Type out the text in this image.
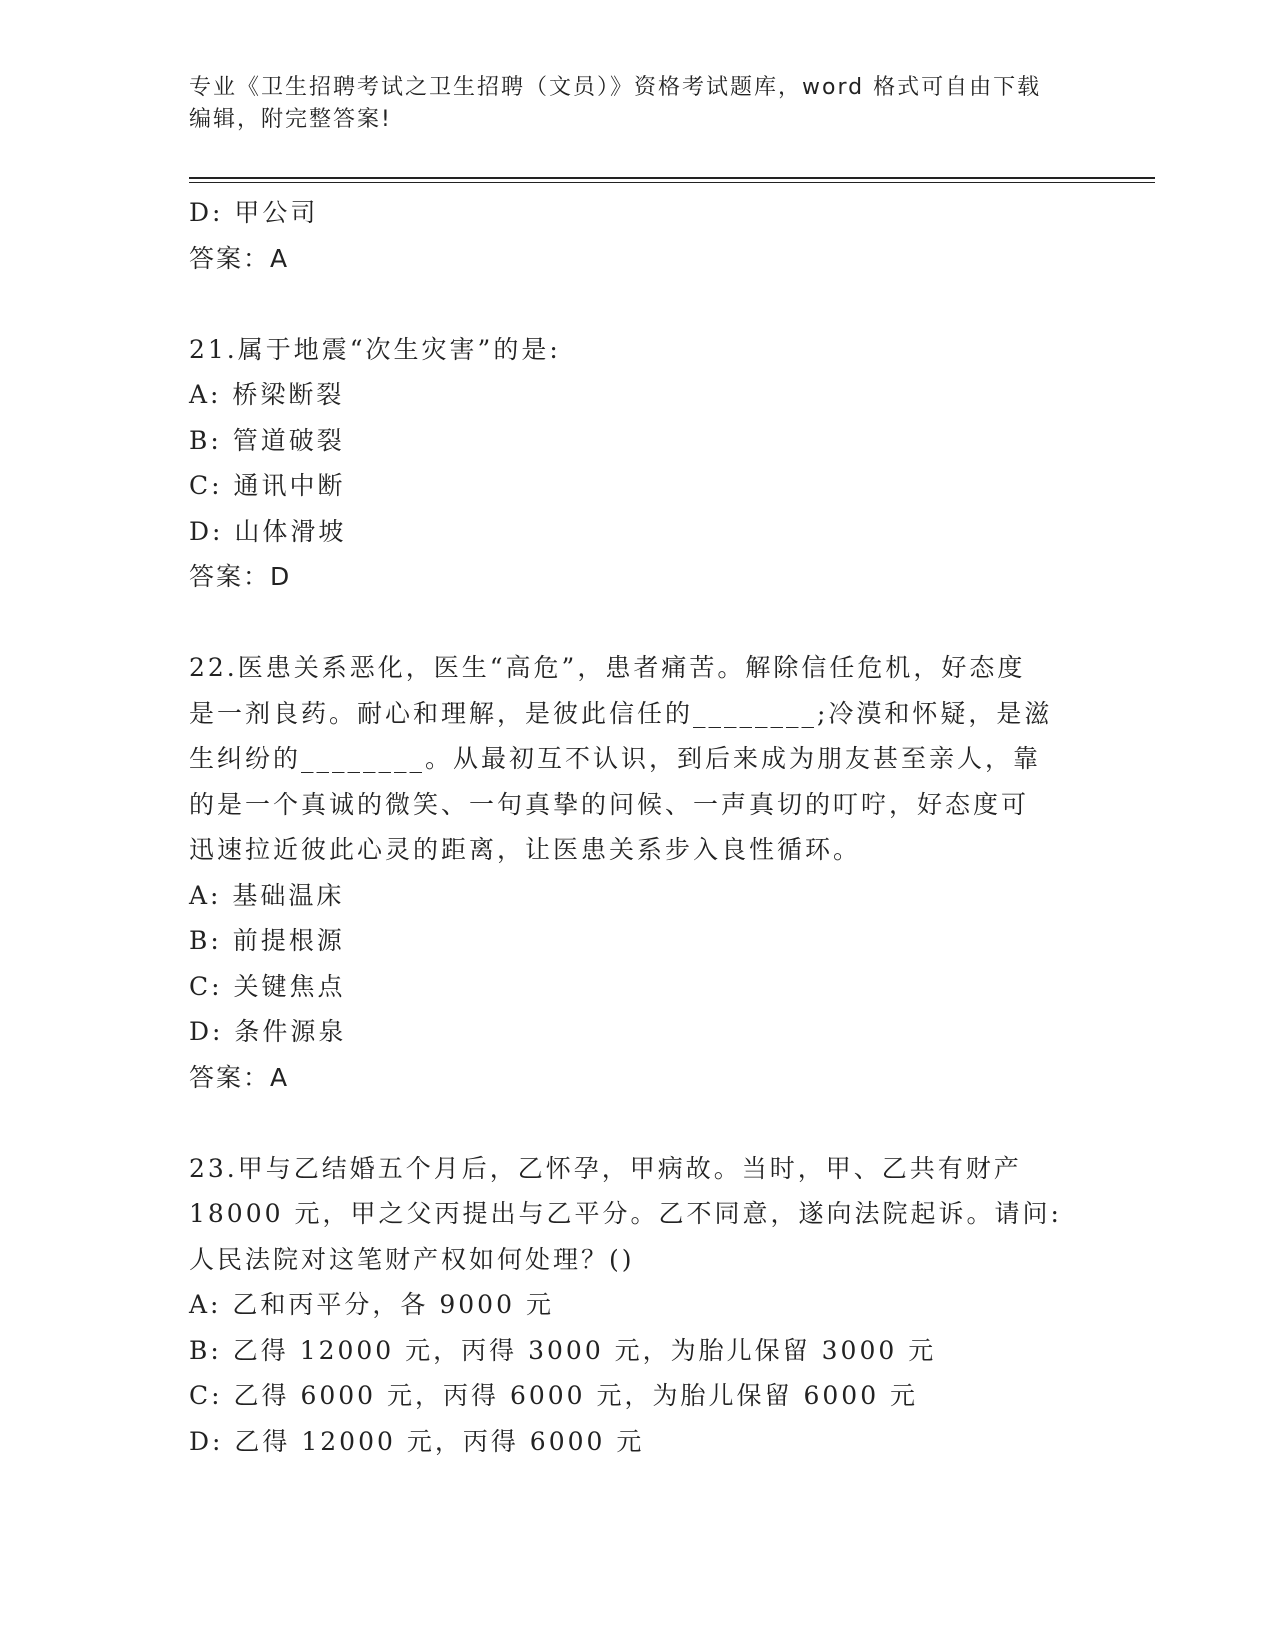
专业《卫生招聘考试之卫生招聘（文员）》资格考试题库，word 格式可自由下载
编辑，附完整答案!
D: 甲公司
答案：A
21.属于地震“次生灾害”的是:
A: 桥梁断裂
B: 管道破裂
C: 通讯中断
D: 山体滑坡
答案：D
22.医患关系恶化，医生“高危”，患者痛苦。解除信任危机，好态度
是一剂良药。耐心和理解，是彼此信任的________;冷漠和怀疑，是滋
生纠纷的________。从最初互不认识，到后来成为朋友甚至亲人，靠
的是一个真诚的微笑、一句真挚的问候、一声真切的叮咛，好态度可
迅速拉近彼此心灵的距离，让医患关系步入良性循环。
A: 基础温床
B: 前提根源
C: 关键焦点
D: 条件源泉
答案：A
23.甲与乙结婚五个月后，乙怀孕，甲病故。当时，甲、乙共有财产
18000 元，甲之父丙提出与乙平分。乙不同意，遂向法院起诉。请问:
人民法院对这笔财产权如何处理？()
A: 乙和丙平分，各 9000 元
B: 乙得 12000 元，丙得 3000 元，为胎儿保留 3000 元
C: 乙得 6000 元，丙得 6000 元，为胎儿保留 6000 元
D: 乙得 12000 元，丙得 6000 元
